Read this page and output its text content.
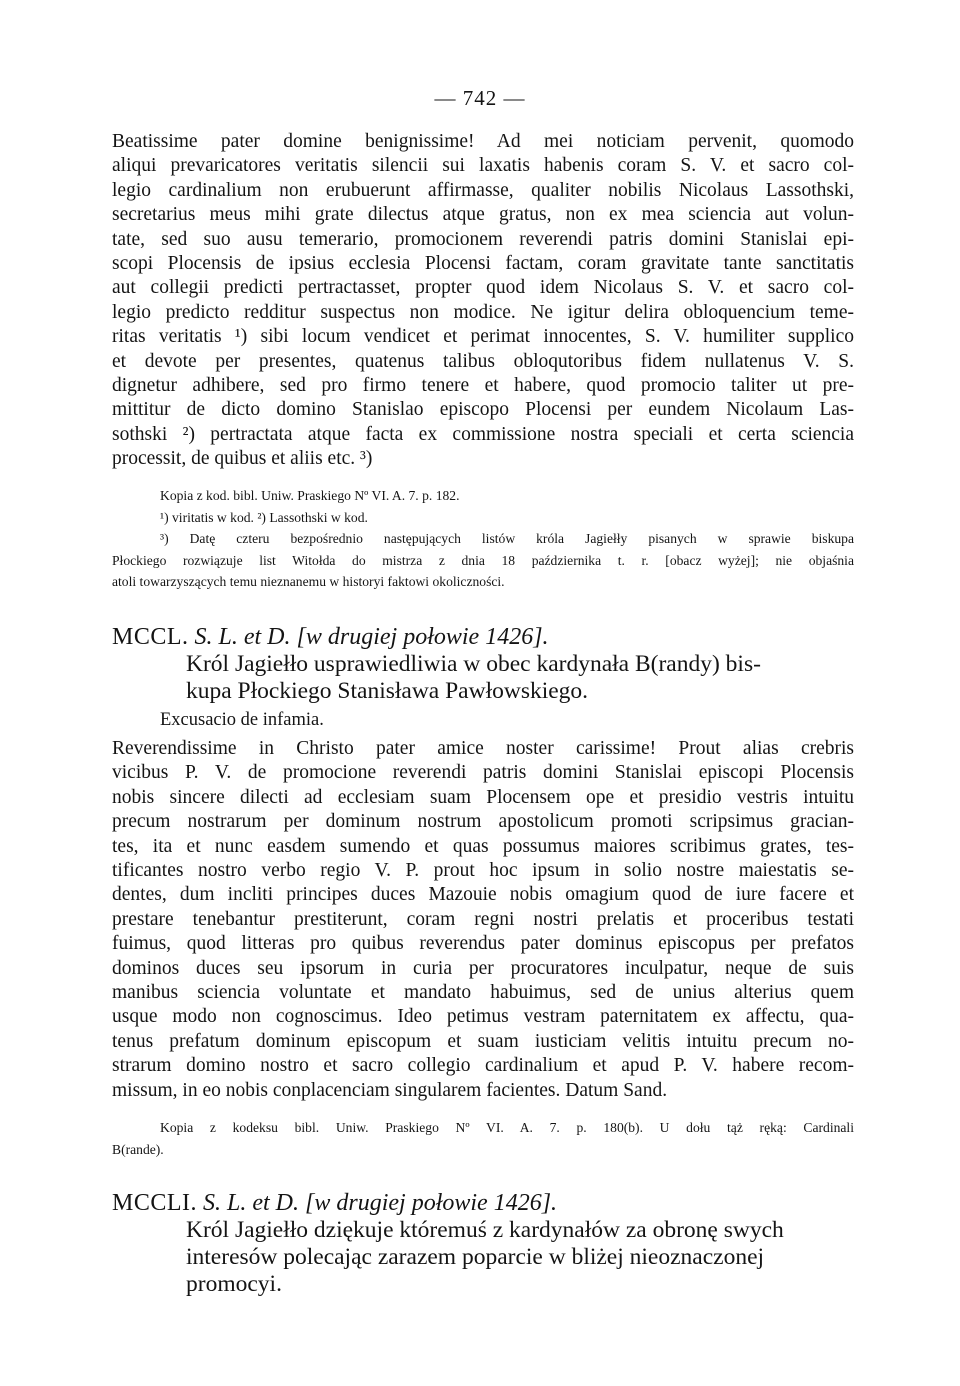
— 742 —

Beatissime pater domine benignissime! Ad mei noticiam pervenit, quomodo
aliqui prevaricatores veritatis silencii sui laxatis habenis coram S. V. et sacro col-
legio cardinalium non erubuerunt affirmasse, qualiter nobilis Nicolaus Lassothski,
secretarius meus mihi grate dilectus atque gratus, non ex mea sciencia aut volun-
tate, sed suo ausu temerario, promocionem reverendi patris domini Stanislai epi-
scopi Plocensis de ipsius ecclesia Plocensi factam, coram gravitate tante sanctitatis
aut collegii predicti pertractasset, propter quod idem Nicolaus S. V. et sacro col-
legio predicto redditur suspectus non modice. Ne igitur delira obloquencium teme-
ritas veritatis ¹) sibi locum vendicet et perimat innocentes, S. V. humiliter supplico
et devote per presentes, quatenus talibus obloqutoribus fidem nullatenus V. S.
dignetur adhibere, sed pro firmo tenere et habere, quod promocio taliter ut pre-
mittitur de dicto domino Stanislao episcopo Plocensi per eundem Nicolaum Las-
sothski ²) pertractata atque facta ex commissione nostra speciali et certa sciencia
processit, de quibus et aliis etc. ³)

Kopia z kod. bibl. Uniw. Praskiego Nº VI. A. 7. p. 182.
¹) viritatis w kod. ²) Lassothski w kod.
³) Datę czteru bezpośrednio następujących listów króla Jagiełły pisanych w sprawie biskupa
Płockiego rozwiązuje list Witołda do mistrza z dnia 18 października t. r. [obacz wyżej]; nie objaśnia
atoli towarzyszących temu nieznanemu w historyi faktowi okoliczności.
MCCL. S. L. et D. [w drugiej połowie 1426].
Król Jagiełło usprawiedliwia w obec kardynała B(randy) bis-
kupa Płockiego Stanisława Pawłowskiego.

Excusacio de infamia.

Reverendissime in Christo pater amice noster carissime! Prout alias crebris
vicibus P. V. de promocione reverendi patris domini Stanislai episcopi Plocensis
nobis sincere dilecti ad ecclesiam suam Plocensem ope et presidio vestris intuitu
precum nostrarum per dominum nostrum apostolicum promoti scripsimus gracian-
tes, ita et nunc easdem sumendo et quas possumus maiores scribimus grates, tes-
tificantes nostro verbo regio V. P. prout hoc ipsum in solio nostre maiestatis se-
dentes, dum incliti principes duces Mazouie nobis omagium quod de iure facere et
prestare tenebantur prestiterunt, coram regni nostri prelatis et proceribus testati
fuimus, quod litteras pro quibus reverendus pater dominus episcopus per prefatos
dominos duces seu ipsorum in curia per procuratores inculpatur, neque de suis
manibus sciencia voluntate et mandato habuimus, sed de unius alterius quem
usque modo non cognoscimus. Ideo petimus vestram paternitatem ex affectu, qua-
tenus prefatum dominum episcopum et suam iusticiam velitis intuitu precum no-
strarum domino nostro et sacro collegio cardinalium et apud P. V. habere recom-
missum, in eo nobis conplacenciam singularem facientes. Datum Sand.

Kopia z kodeksu bibl. Uniw. Praskiego Nº VI. A. 7. p. 180(b). U dołu tąż ręką: Cardinali
B(rande).
MCCLI. S. L. et D. [w drugiej połowie 1426].
Król Jagiełło dziękuje któremuś z kardynałów za obronę swych
interesów polecając zarazem poparcie w bliżej nieoznaczonej
promocyi.
